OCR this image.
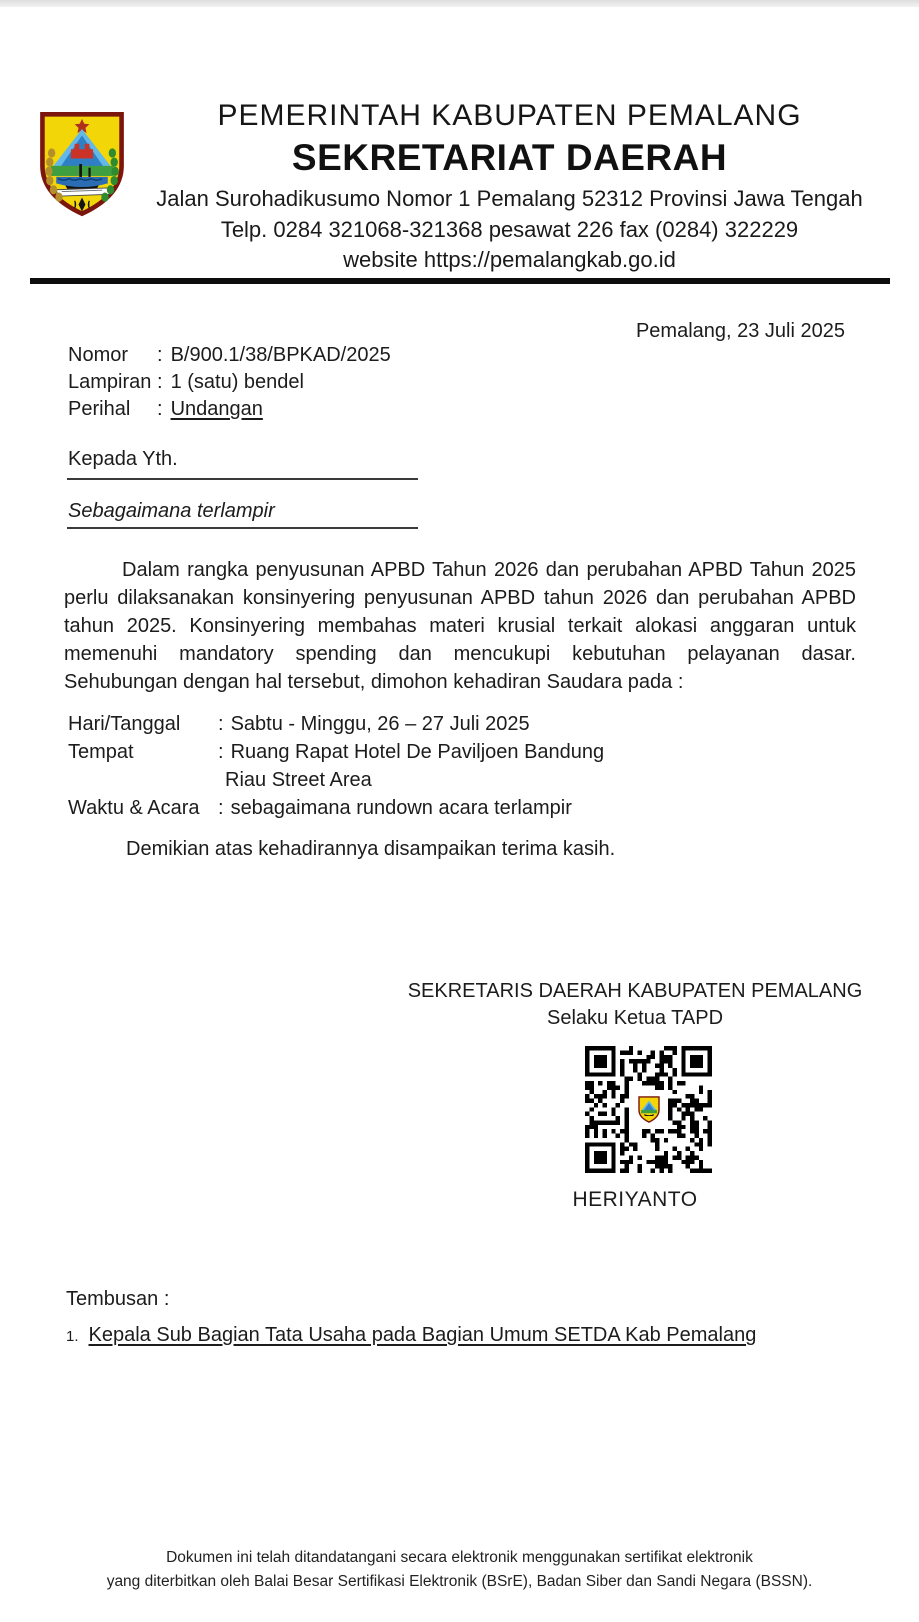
PEMERINTAH KABUPATEN PEMALANG
SEKRETARIAT DAERAH
Jalan Surohadikusumo Nomor 1 Pemalang 52312 Provinsi Jawa Tengah
Telp. 0284 321068-321368 pesawat 226 fax (0284) 322229
website https://pemalangkab.go.id
Pemalang, 23 Juli 2025
Nomor	: B/900.1/38/BPKAD/2025
Lampiran : 1 (satu) bendel
Perihal	: Undangan
Kepada Yth.
Sebagaimana terlampir
Dalam rangka penyusunan APBD Tahun 2026 dan perubahan APBD Tahun 2025 perlu dilaksanakan konsinyering penyusunan APBD tahun 2026 dan perubahan APBD tahun 2025. Konsinyering membahas materi krusial terkait alokasi anggaran untuk memenuhi mandatory spending dan mencukupi kebutuhan pelayanan dasar. Sehubungan dengan hal tersebut, dimohon kehadiran Saudara pada :
Hari/Tanggal	: Sabtu - Minggu, 26 – 27 Juli 2025
Tempat	: Ruang Rapat Hotel De Paviljoen Bandung
Riau Street Area
Waktu & Acara : sebagaimana rundown acara terlampir
Demikian atas kehadirannya disampaikan terima kasih.
SEKRETARIS DAERAH KABUPATEN PEMALANG
Selaku Ketua TAPD
HERIYANTO
Tembusan :
1. Kepala Sub Bagian Tata Usaha pada Bagian Umum SETDA Kab Pemalang
Dokumen ini telah ditandatangani secara elektronik menggunakan sertifikat elektronik
yang diterbitkan oleh Balai Besar Sertifikasi Elektronik (BSrE), Badan Siber dan Sandi Negara (BSSN).
